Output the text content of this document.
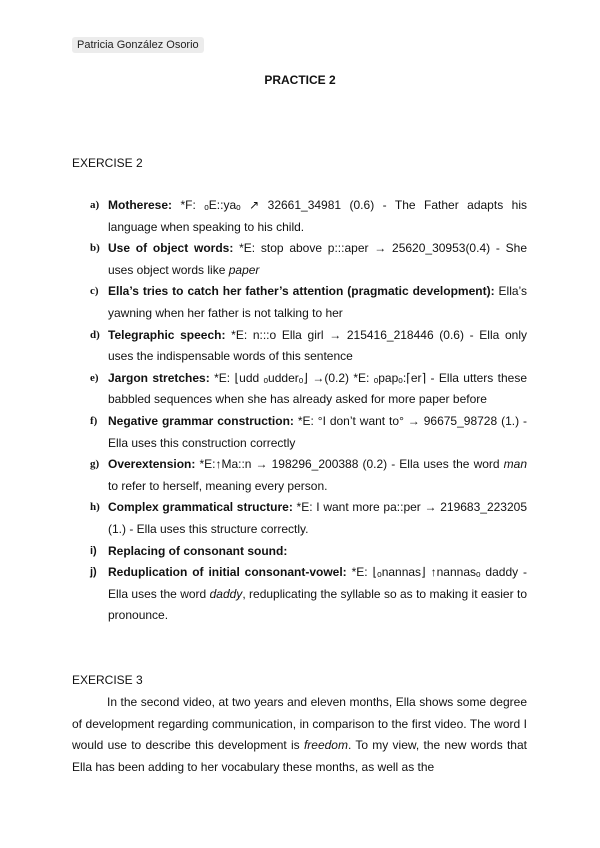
Patricia González Osorio
PRACTICE 2
EXERCISE 2
a) Motherese: *F: ₒE::yaₒ ↗ 32661_34981 (0.6) - The Father adapts his language when speaking to his child.
b) Use of object words: *E: stop above p:::aper → 25620_30953(0.4) - She uses object words like paper
c) Ella’s tries to catch her father’s attention (pragmatic development): Ella’s yawning when her father is not talking to her
d) Telegraphic speech: *E: n:::o Ella girl → 215416_218446 (0.6) - Ella only uses the indispensable words of this sentence
e) Jargon stretches: *E: ⌊udd ₒudderₒ⌋ →(0.2) *E: ₒpapₒ:⌈er⌉ - Ella utters these babbled sequences when she has already asked for more paper before
f) Negative grammar construction: *E: °I don’t want to° → 96675_98728 (1.) - Ella uses this construction correctly
g) Overextension: *E:↑Ma::n → 198296_200388 (0.2) - Ella uses the word man to refer to herself, meaning every person.
h) Complex grammatical structure: *E: I want more pa::per → 219683_223205 (1.) - Ella uses this structure correctly.
i) Replacing of consonant sound:
j) Reduplication of initial consonant-vowel: *E: ⌊ₒnannas⌋ ↑nannasₒ daddy - Ella uses the word daddy, reduplicating the syllable so as to making it easier to pronounce.
EXERCISE 3
In the second video, at two years and eleven months, Ella shows some degree of development regarding communication, in comparison to the first video. The word I would use to describe this development is freedom. To my view, the new words that Ella has been adding to her vocabulary these months, as well as the
